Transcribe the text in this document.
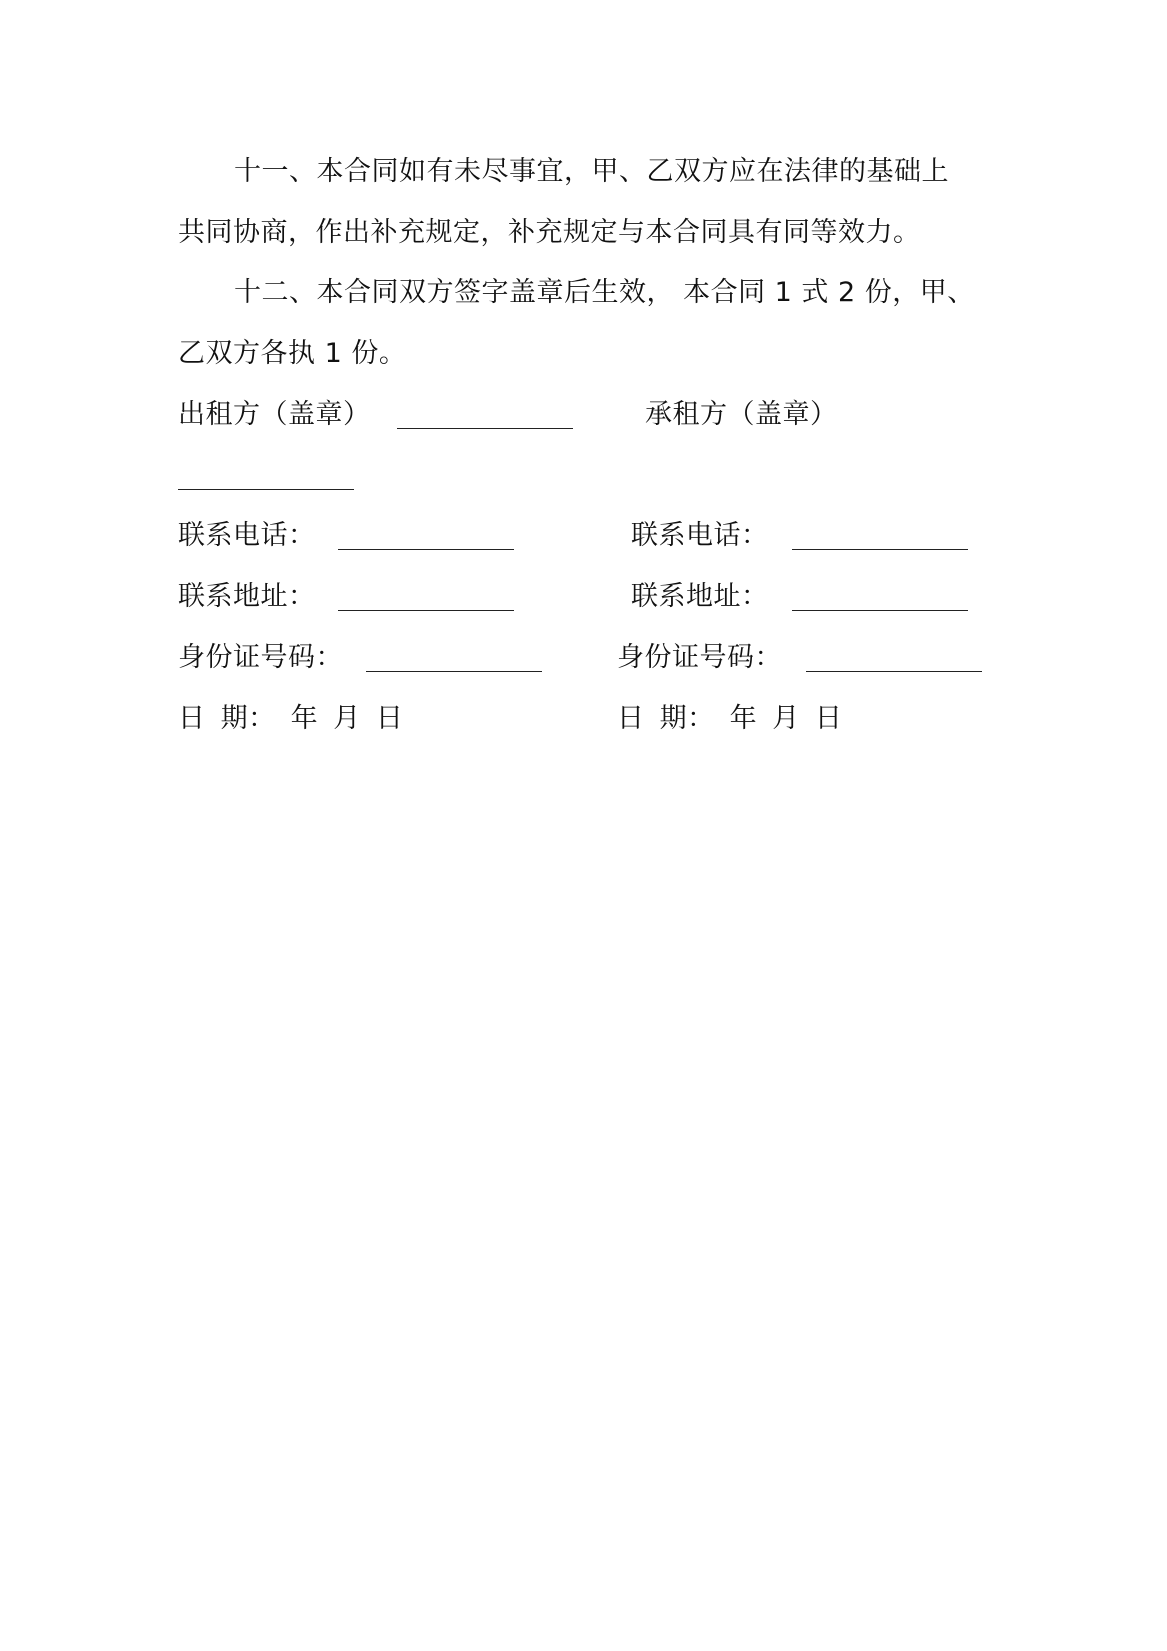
十一、本合同如有未尽事宜，甲、乙双方应在法律的基础上
共同协商，作出补充规定，补充规定与本合同具有同等效力。
十二、本合同双方签字盖章后生效， 本合同 1 式 2 份，甲、
乙双方各执 1 份。
出租方（盖章）	承租方（盖章）
联系电话：	联系电话：
联系地址：	联系地址：
身份证号码：	身份证号码：
日 期： 年 月 日	日 期： 年 月 日
